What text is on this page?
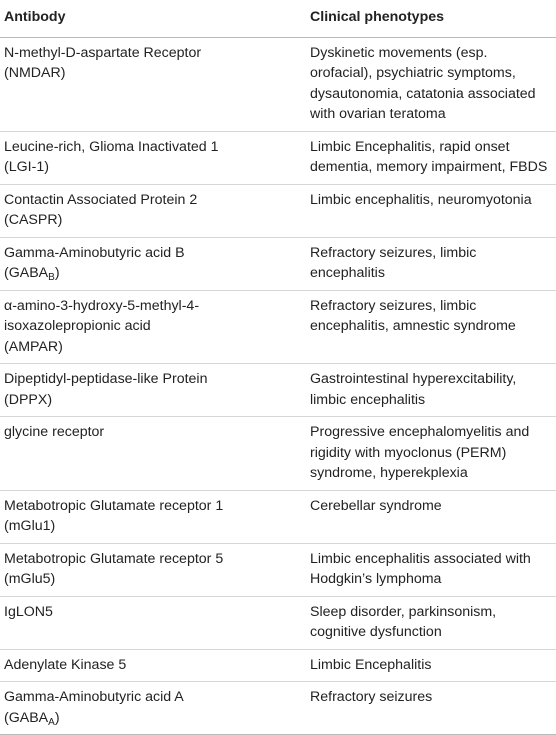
Antibody	Clinical phenotypes
N-methyl-D-aspartate Receptor
(NMDAR)	Dyskinetic movements (esp. orofacial), psychiatric symptoms, dysautonomia, catatonia associated with ovarian teratoma
Leucine-rich, Glioma Inactivated 1
(LGI-1)	Limbic Encephalitis, rapid onset dementia, memory impairment, FBDS
Contactin Associated Protein 2
(CASPR)	Limbic encephalitis, neuromyotonia
Gamma-Aminobutyric acid B
$(GABA_B)$	Refractory seizures, limbic encephalitis
α-amino-3-hydroxy-5-methyl-4-
isoxazolepropionic acid
(AMPAR)	Refractory seizures, limbic encephalitis, amnestic syndrome
Dipeptidyl-peptidase-like Protein
(DPPX)	Gastrointestinal hyperexcitability, limbic encephalitis
glycine receptor	Progressive encephalomyelitis and rigidity with myoclonus (PERM) syndrome, hyperekplexia
Metabotropic Glutamate receptor 1
(mGlu1)	Cerebellar syndrome
Metabotropic Glutamate receptor 5
(mGlu5)	Limbic encephalitis associated with Hodgkin’s lymphoma
IgLON5	Sleep disorder, parkinsonism, cognitive dysfunction
Adenylate Kinase 5	Limbic Encephalitis
Gamma-Aminobutyric acid A
$(GABA_A)$	Refractory seizures
